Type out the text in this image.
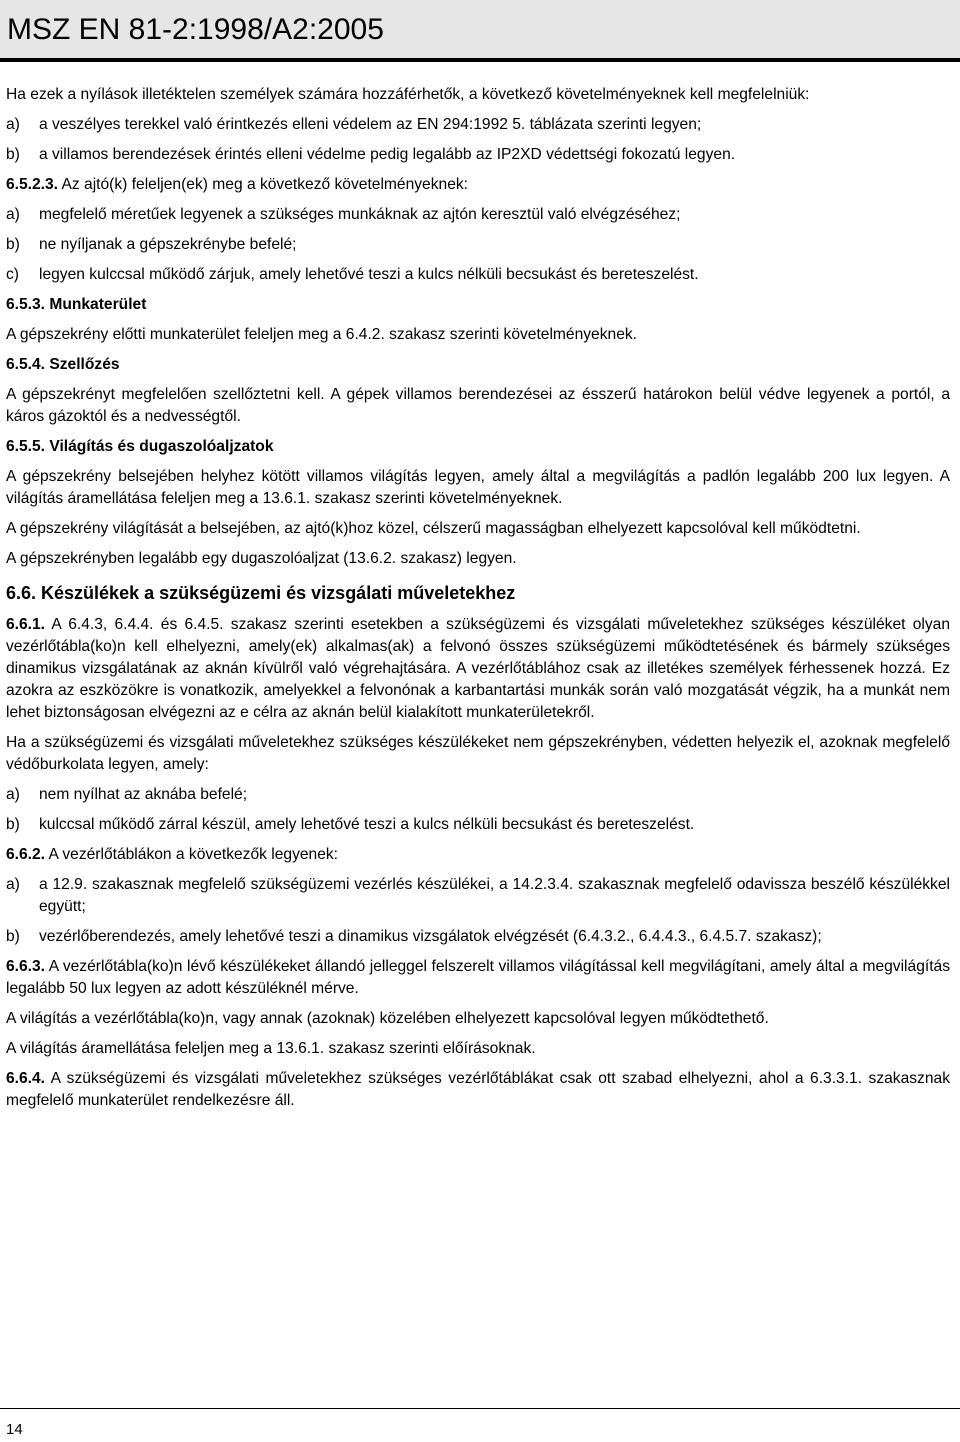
MSZ EN 81-2:1998/A2:2005

Ha ezek a nyílások illetéktelen személyek számára hozzáférhetők, a következő követelményeknek kell megfelelniük:

a)	a veszélyes terekkel való érintkezés elleni védelem az EN 294:1992 5. táblázata szerinti legyen;
b)	a villamos berendezések érintés elleni védelme pedig legalább az IP2XD védettségi fokozatú legyen.

6.5.2.3. Az ajtó(k) feleljen(ek) meg a következő követelményeknek:

a)	megfelelő méretűek legyenek a szükséges munkáknak az ajtón keresztül való elvégzéséhez;
b)	ne nyíljanak a gépszekrénybe befelé;
c)	legyen kulccsal működő zárjuk, amely lehetővé teszi a kulcs nélküli becsukást és bereteszelést.

6.5.3. Munkaterület

A gépszekrény előtti munkaterület feleljen meg a 6.4.2. szakasz szerinti követelményeknek.

6.5.4. Szellőzés

A gépszekrényt megfelelően szellőztetni kell. A gépek villamos berendezései az ésszerű határokon belül védve legyenek a portól, a káros gázoktól és a nedvességtől.

6.5.5. Világítás és dugaszolóaljzatok

A gépszekrény belsejében helyhez kötött villamos világítás legyen, amely által a megvilágítás a padlón legalább 200 lux legyen. A világítás áramellátása feleljen meg a 13.6.1. szakasz szerinti követelményeknek.

A gépszekrény világítását a belsejében, az ajtó(k)hoz közel, célszerű magasságban elhelyezett kapcsolóval kell működtetni.

A gépszekrényben legalább egy dugaszolóaljzat (13.6.2. szakasz) legyen.

6.6. Készülékek a szükségüzemi és vizsgálati műveletekhez

6.6.1. A 6.4.3, 6.4.4. és 6.4.5. szakasz szerinti esetekben a szükségüzemi és vizsgálati műveletekhez szükséges készüléket olyan vezérlőtábla(ko)n kell elhelyezni, amely(ek) alkalmas(ak) a felvonó összes szükségüzemi működtetésének és bármely szükséges dinamikus vizsgálatának az aknán kívülről való végrehajtására. A vezérlőtáblához csak az illetékes személyek férhessenek hozzá. Ez azokra az eszközökre is vonatkozik, amelyekkel a felvonónak a karbantartási munkák során való mozgatását végzik, ha a munkát nem lehet biztonságosan elvégezni az e célra az aknán belül kialakított munkaterületekről.

Ha a szükségüzemi és vizsgálati műveletekhez szükséges készülékeket nem gépszekrényben, védetten helyezik el, azoknak megfelelő védőburkolata legyen, amely:

a)	nem nyílhat az aknába befelé;
b)	kulccsal működő zárral készül, amely lehetővé teszi a kulcs nélküli becsukást és bereteszelést.

6.6.2. A vezérlőtáblákon a következők legyenek:

a)	a 12.9. szakasznak megfelelő szükségüzemi vezérlés készülékei, a 14.2.3.4. szakasznak megfelelő odavissza beszélő készülékkel együtt;
b)	vezérlőberendezés, amely lehetővé teszi a dinamikus vizsgálatok elvégzését (6.4.3.2., 6.4.4.3., 6.4.5.7. szakasz);

6.6.3. A vezérlőtábla(ko)n lévő készülékeket állandó jelleggel felszerelt villamos világítással kell megvilágítani, amely által a megvilágítás legalább 50 lux legyen az adott készüléknél mérve.

A világítás a vezérlőtábla(ko)n, vagy annak (azoknak) közelében elhelyezett kapcsolóval legyen működtethető.

A világítás áramellátása feleljen meg a 13.6.1. szakasz szerinti előírásoknak.

6.6.4. A szükségüzemi és vizsgálati műveletekhez szükséges vezérlőtáblákat csak ott szabad elhelyezni, ahol a 6.3.3.1. szakasznak megfelelő munkaterület rendelkezésre áll.

14
